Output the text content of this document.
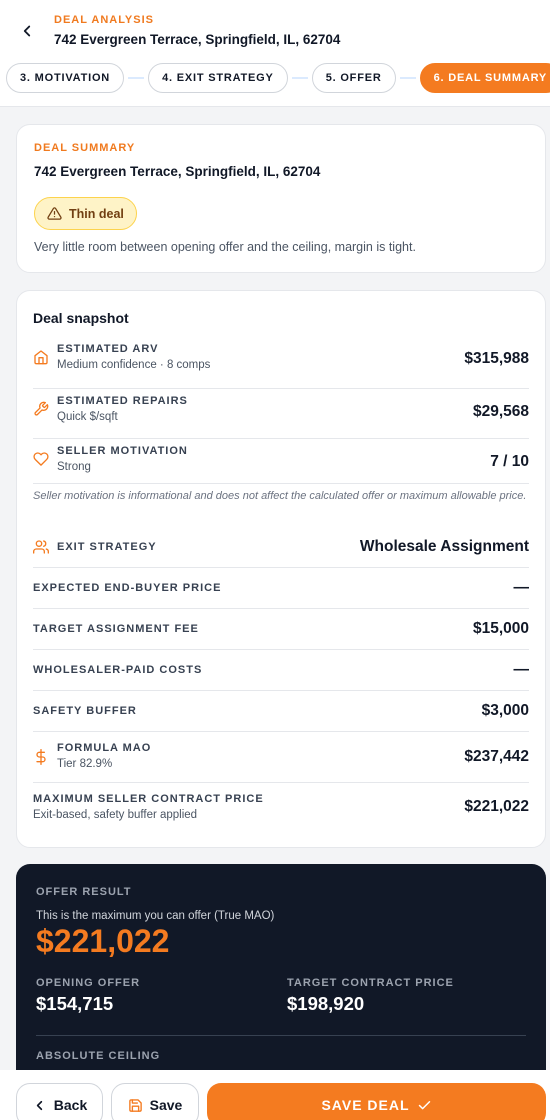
DEAL ANALYSIS
742 Evergreen Terrace, Springfield, IL, 62704
3. MOTIVATION	4. EXIT STRATEGY	5. OFFER	6. DEAL SUMMARY
DEAL SUMMARY
742 Evergreen Terrace, Springfield, IL, 62704
Thin deal
Very little room between opening offer and the ceiling, margin is tight.
Deal snapshot
ESTIMATED ARV
Medium confidence · 8 comps	$315,988
ESTIMATED REPAIRS
Quick $/sqft	$29,568
SELLER MOTIVATION
Strong	7 / 10
Seller motivation is informational and does not affect the calculated offer or maximum allowable price.
EXIT STRATEGY	Wholesale Assignment
EXPECTED END-BUYER PRICE	—
TARGET ASSIGNMENT FEE	$15,000
WHOLESALER-PAID COSTS	—
SAFETY BUFFER	$3,000
FORMULA MAO
Tier 82.9%	$237,442
MAXIMUM SELLER CONTRACT PRICE
Exit-based, safety buffer applied	$221,022
OFFER RESULT
This is the maximum you can offer (True MAO)
$221,022
OPENING OFFER
$154,715
TARGET CONTRACT PRICE
$198,920
ABSOLUTE CEILING
Back	Save	SAVE DEAL
